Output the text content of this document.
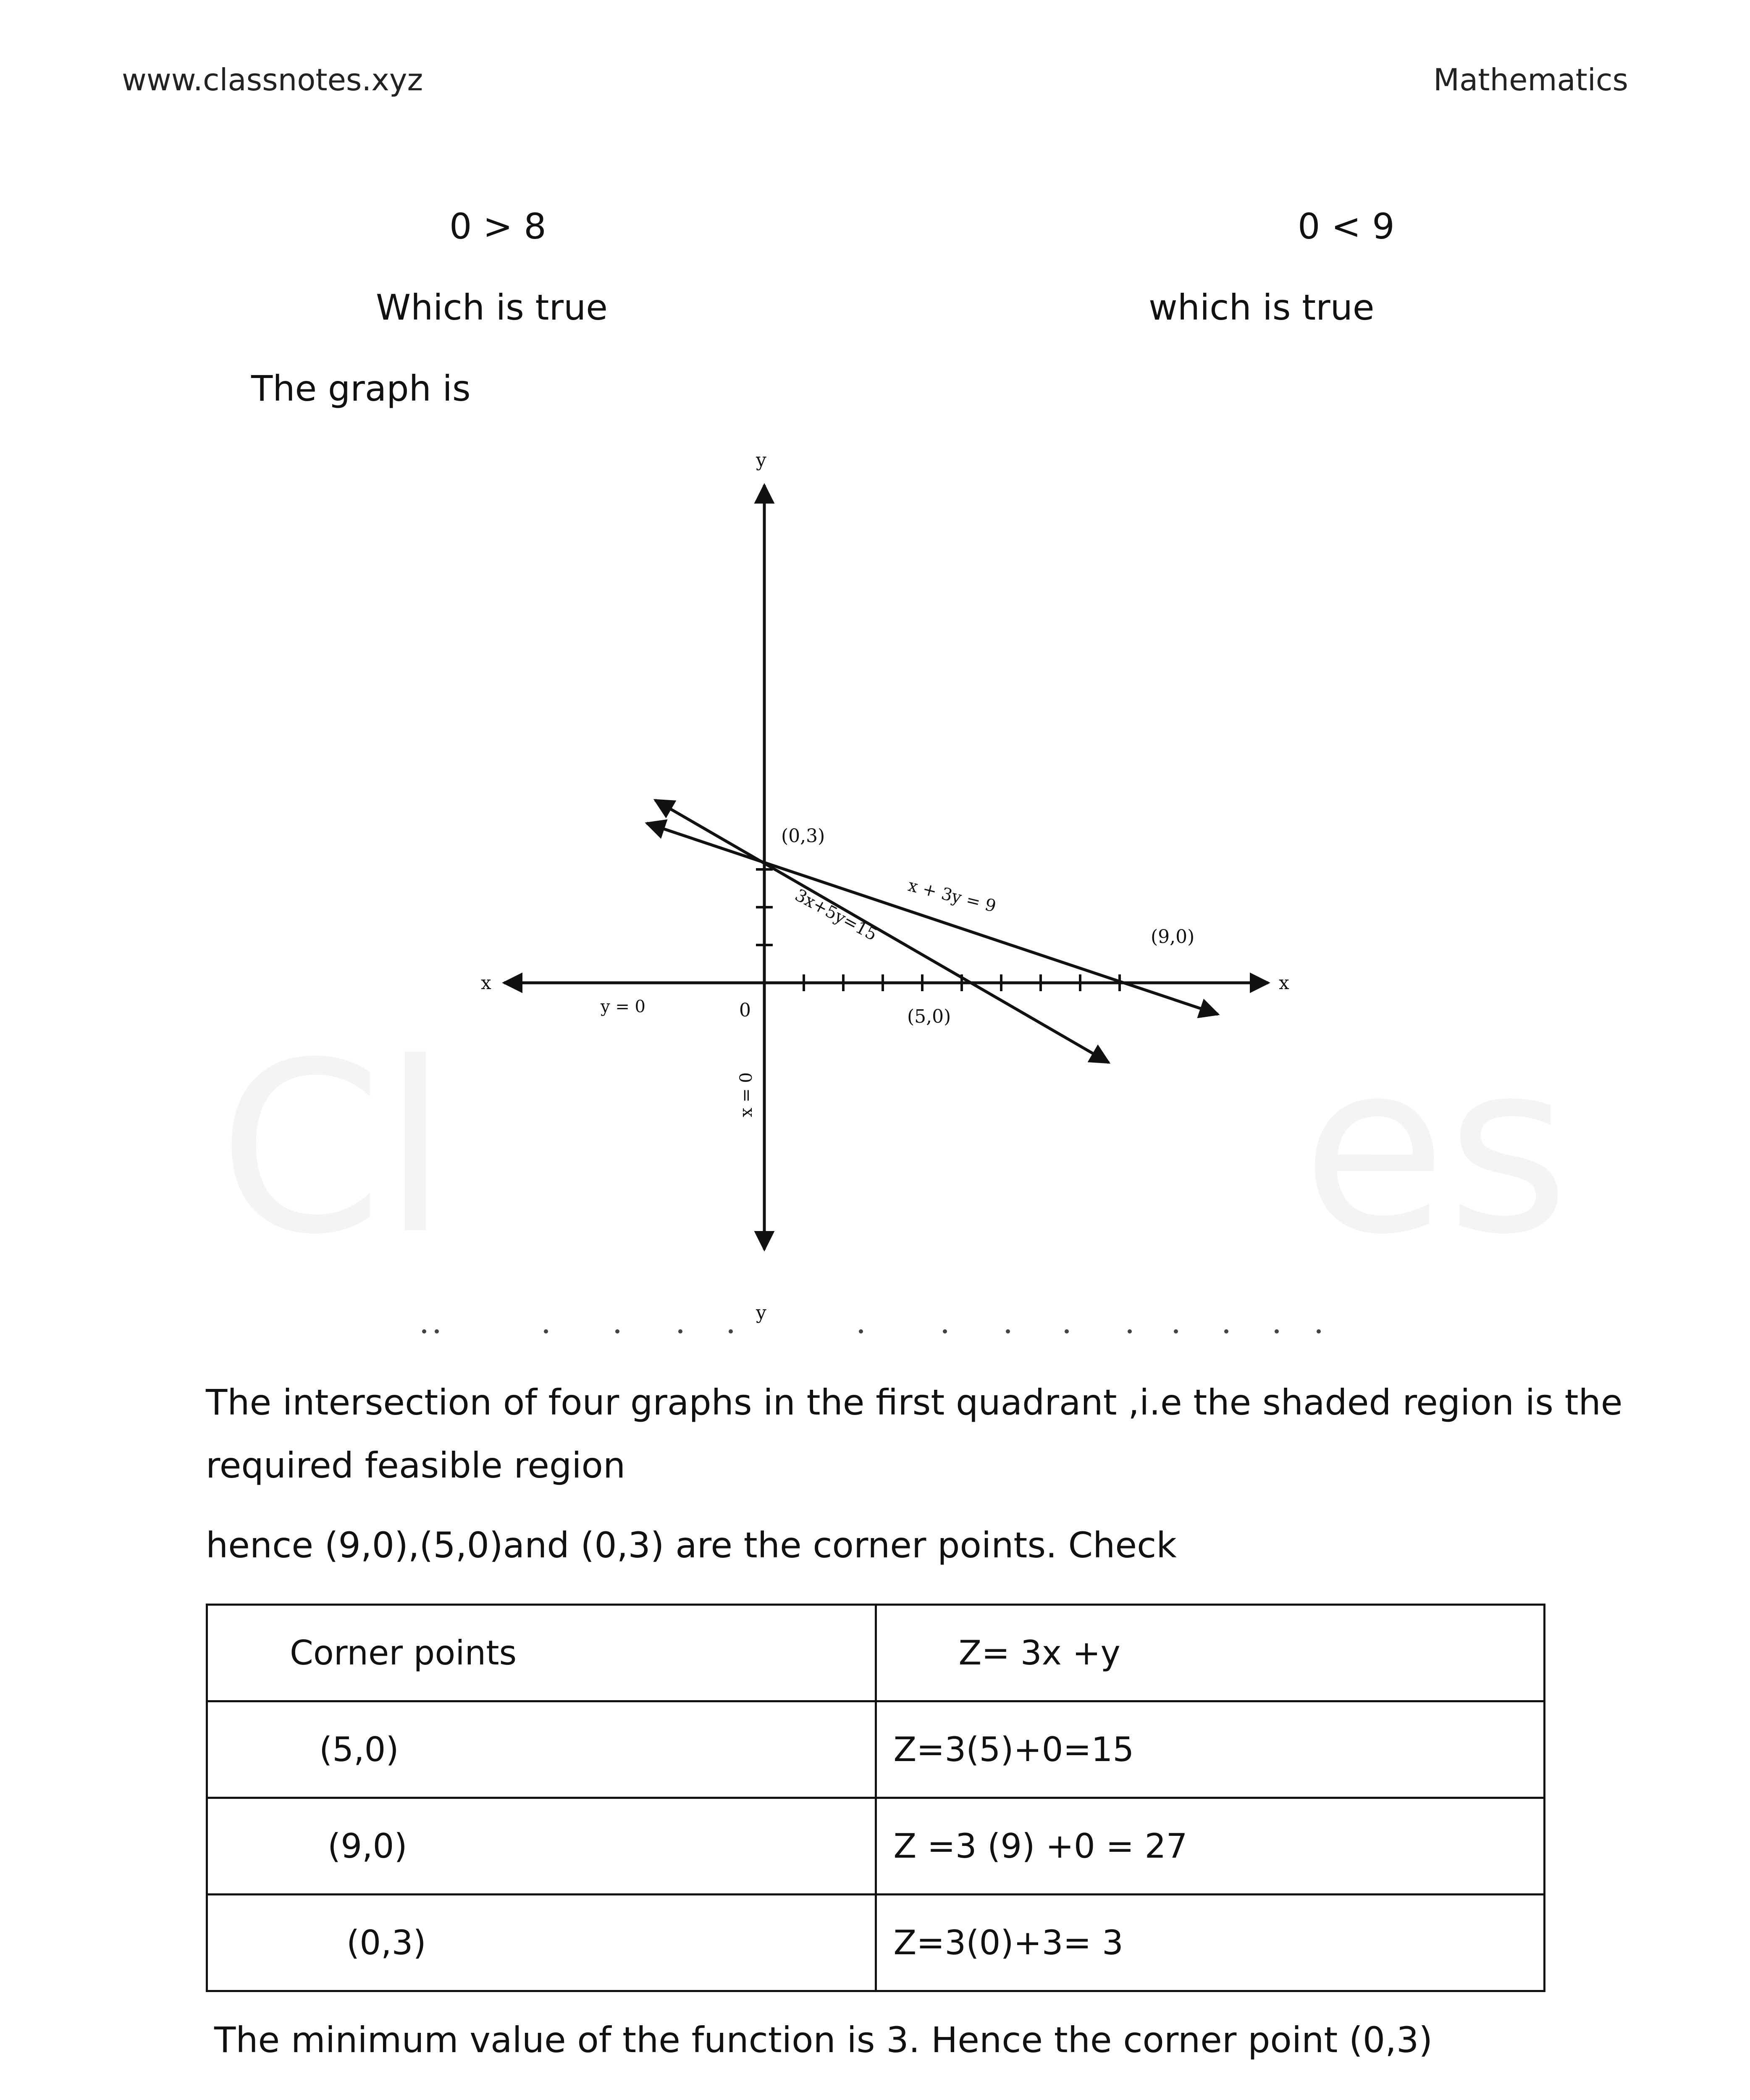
www.classnotes.xyz	Mathematics
Cl	es
0 > 8	0 < 9
Which is true	which is true
The graph is
y
y
x
x
0
(0,3)
(9,0)
(5,0)
x + 3y = 9
3x+5y=15
y = 0
x = 0
The intersection of four graphs in the first quadrant ,i.e the shaded region is the
required feasible region
hence (9,0),(5,0)and (0,3) are the corner points. Check
Corner points	Z= 3x +y
(5,0)	Z=3(5)+0=15
(9,0)	Z =3 (9) +0 = 27
(0,3)	Z=3(0)+3= 3
The minimum value of the function is 3. Hence the corner point (0,3)
